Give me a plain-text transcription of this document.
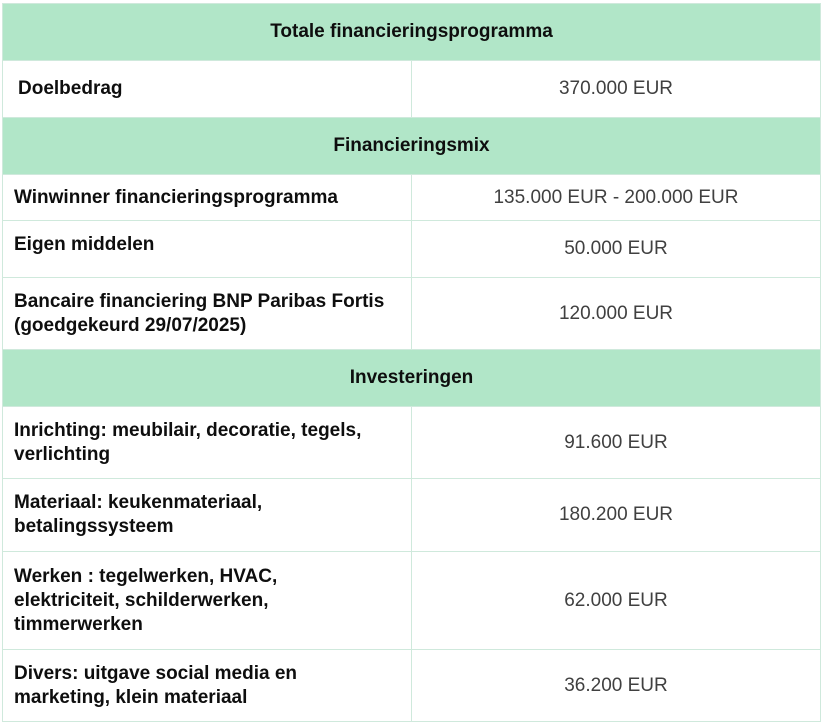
Totale financieringsprogramma	
Doelbedrag	370.000 EUR
Financieringsmix	
Winwinner financieringsprogramma	135.000 EUR - 200.000 EUR
Eigen middelen	50.000 EUR

Bancaire financiering BNP Paribas Fortis
(goedgekeurd 29/07/2025)	120.000 EUR
Investeringen	

Inrichting: meubilair, decoratie, tegels,
verlichting	91.600 EUR

Materiaal: keukenmateriaal,
betalingssysteem	180.200 EUR

Werken : tegelwerken, HVAC,
elektriciteit, schilderwerken,
timmerwerken	62.000 EUR

Divers: uitgave social media en
marketing, klein materiaal	36.200 EUR
